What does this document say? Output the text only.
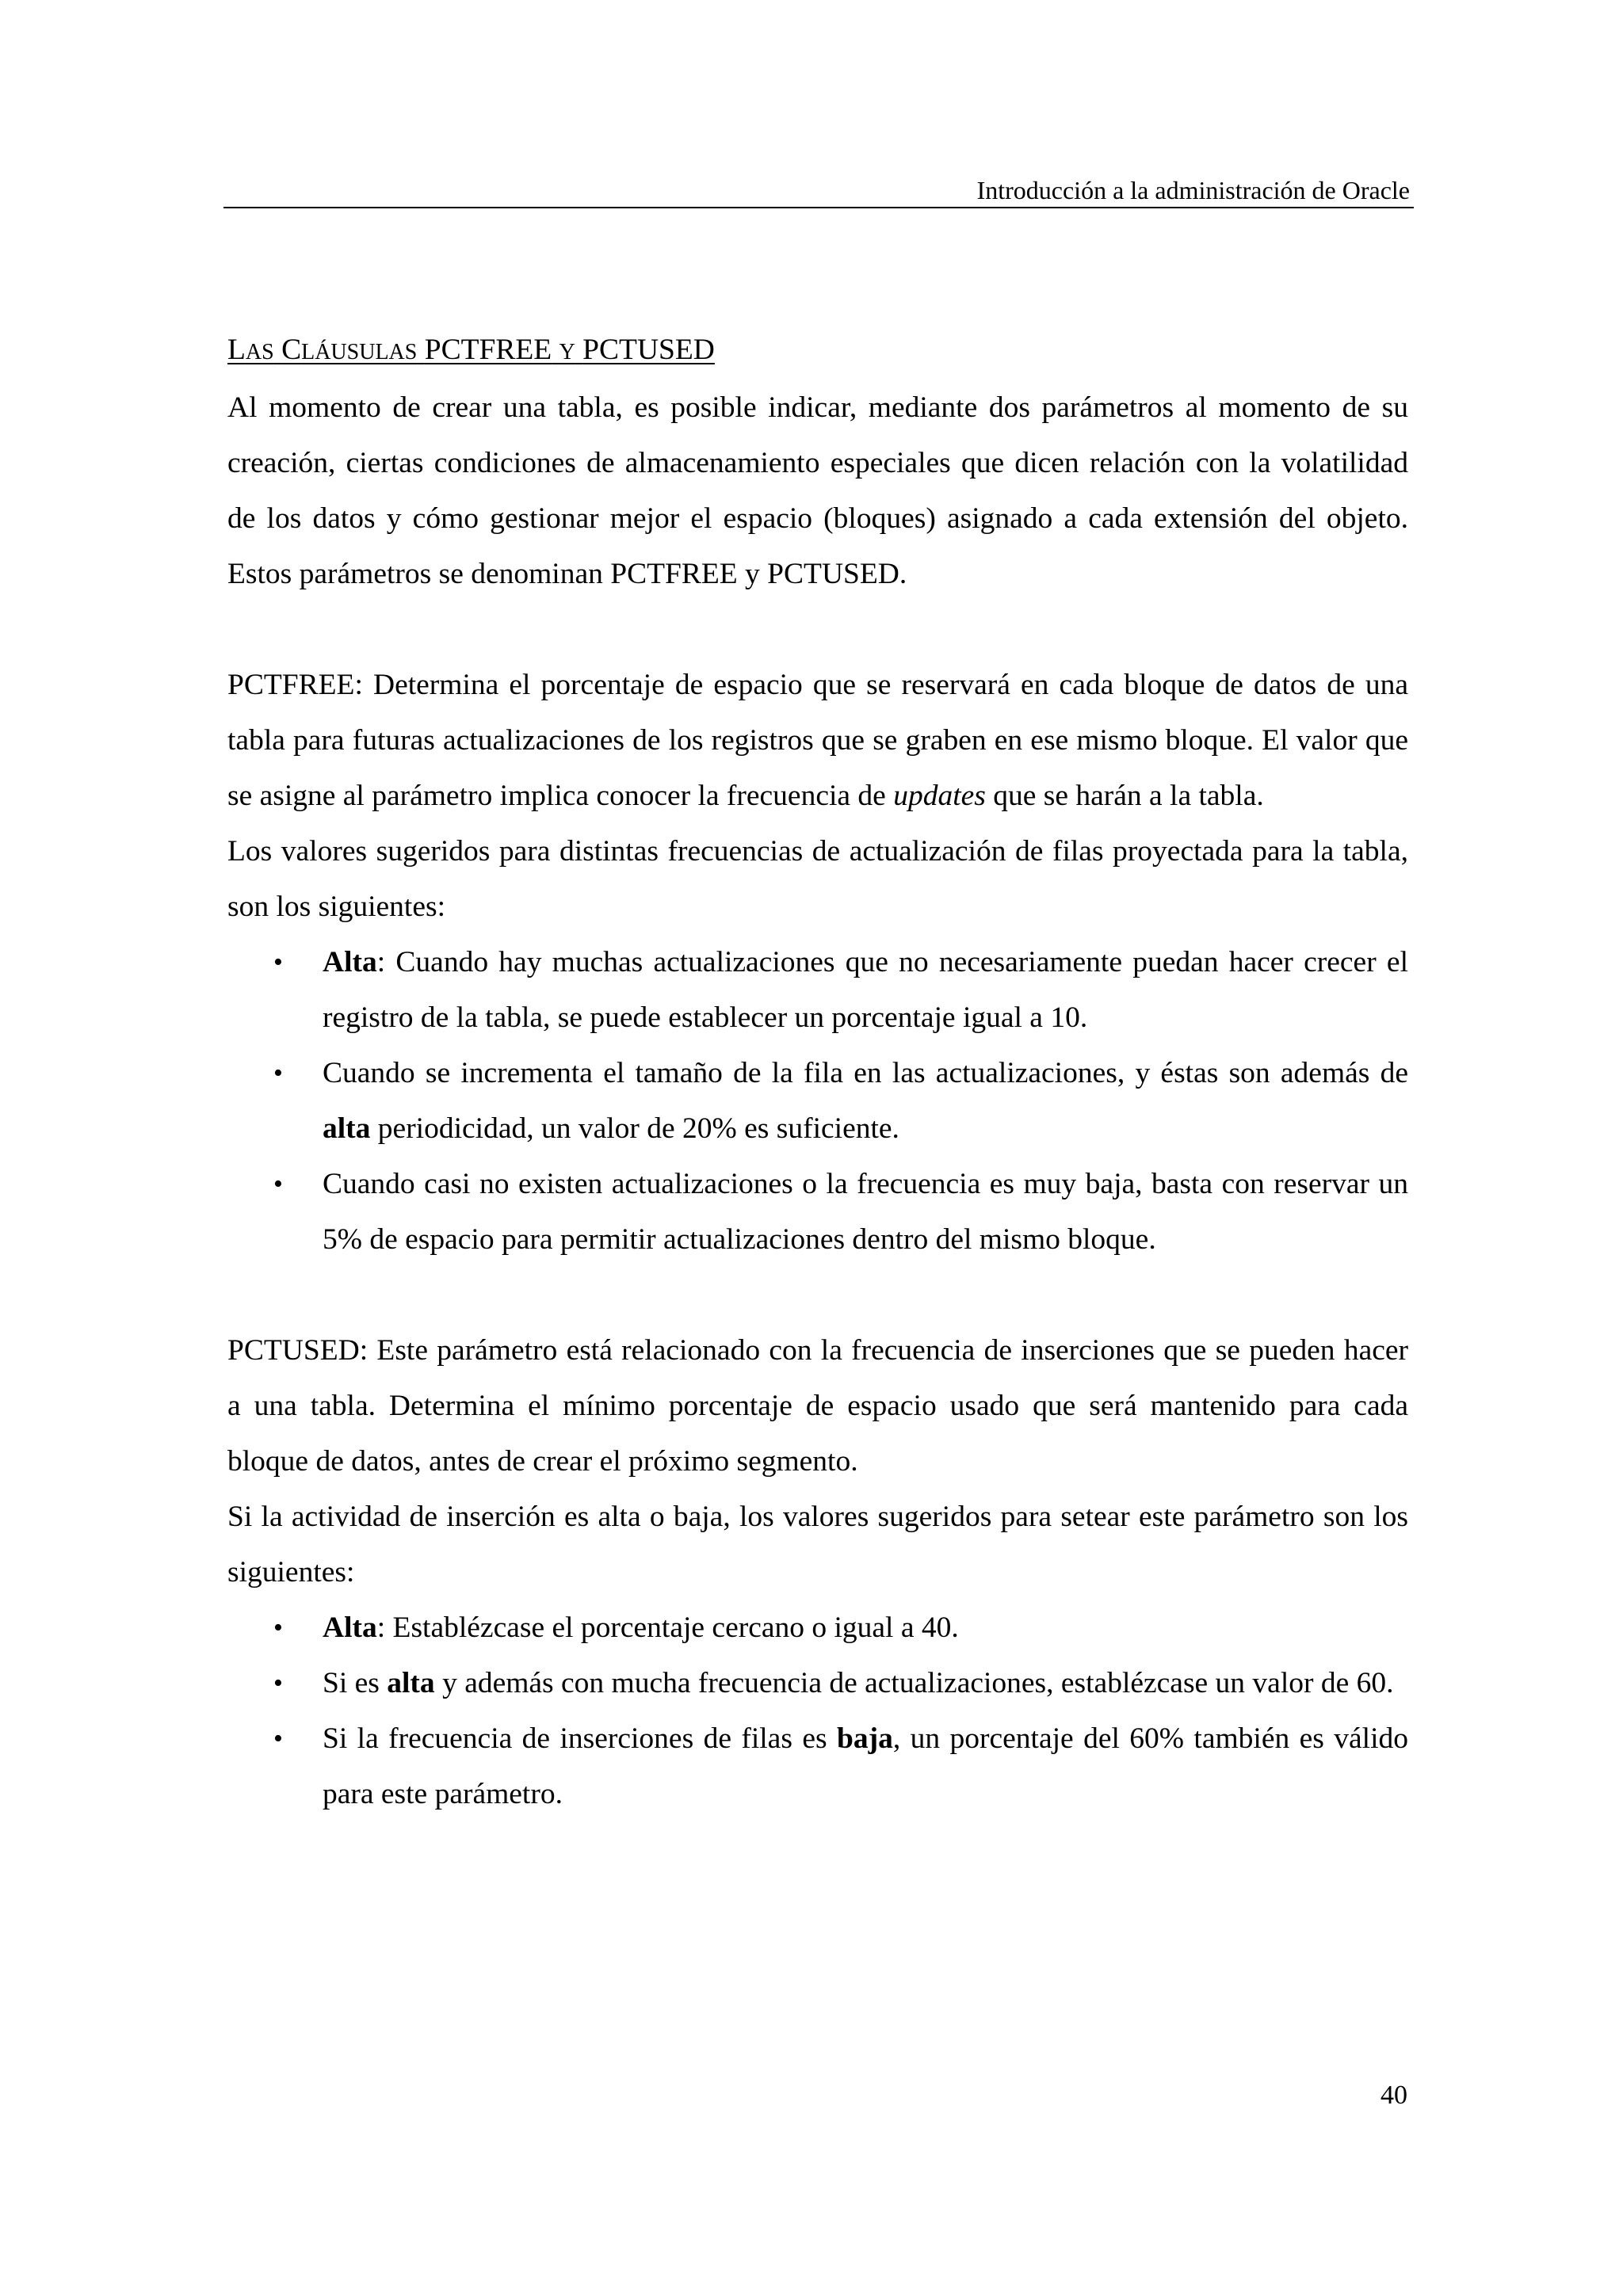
Introducción a la administración de Oracle
LAS CLÁUSULAS PCTFREE Y PCTUSED

Al momento de crear una tabla, es posible indicar, mediante dos parámetros al momento de su creación, ciertas condiciones de almacenamiento especiales que dicen relación con la volatilidad de los datos y cómo gestionar mejor el espacio (bloques) asignado a cada extensión del objeto. Estos parámetros se denominan PCTFREE y PCTUSED.

PCTFREE: Determina el porcentaje de espacio que se reservará en cada bloque de datos de una tabla para futuras actualizaciones de los registros que se graben en ese mismo bloque. El valor que se asigne al parámetro implica conocer la frecuencia de updates que se harán a la tabla.

Los valores sugeridos para distintas frecuencias de actualización de filas proyectada para la tabla, son los siguientes:

• Alta: Cuando hay muchas actualizaciones que no necesariamente puedan hacer crecer el registro de la tabla, se puede establecer un porcentaje igual a 10.
• Cuando se incrementa el tamaño de la fila en las actualizaciones, y éstas son además de alta periodicidad, un valor de 20% es suficiente.
• Cuando casi no existen actualizaciones o la frecuencia es muy baja, basta con reservar un 5% de espacio para permitir actualizaciones dentro del mismo bloque.

PCTUSED: Este parámetro está relacionado con la frecuencia de inserciones que se pueden hacer a una tabla. Determina el mínimo porcentaje de espacio usado que será mantenido para cada bloque de datos, antes de crear el próximo segmento.

Si la actividad de inserción es alta o baja, los valores sugeridos para setear este parámetro son los siguientes:

• Alta: Establézcase el porcentaje cercano o igual a 40.
• Si es alta y además con mucha frecuencia de actualizaciones, establézcase un valor de 60.
• Si la frecuencia de inserciones de filas es baja, un porcentaje del 60% también es válido para este parámetro.
40
